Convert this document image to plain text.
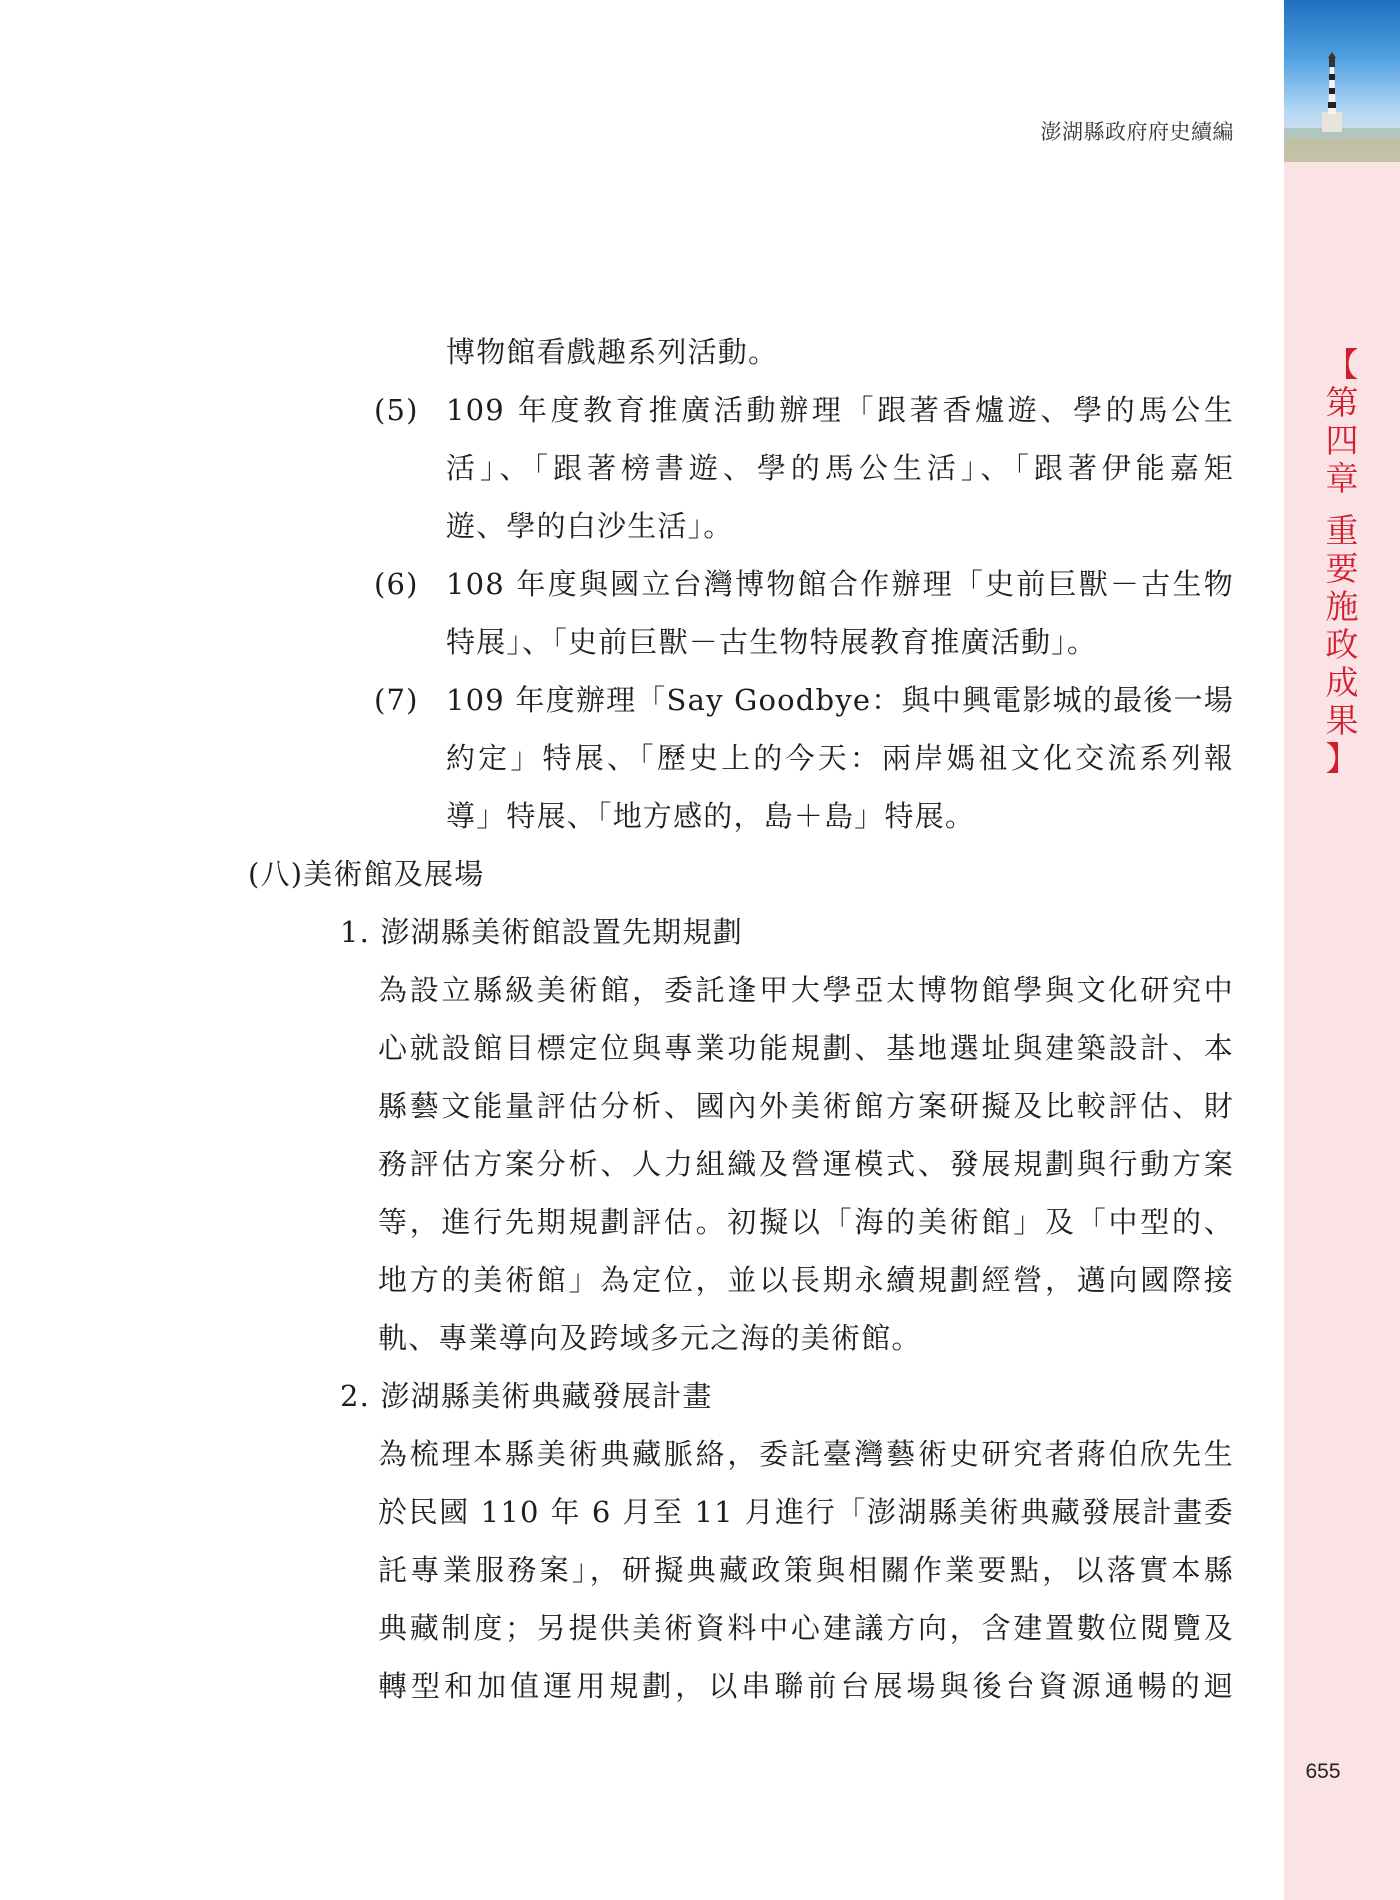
【
第
四
章
重
要
施
政
成
果
】
655
澎湖縣政府府史續編
博物館看戲趣系列活動。
(5) 109 年度教育推廣活動辦理「跟著香爐遊、學的馬公生
活」、「跟著榜書遊、學的馬公生活」、「跟著伊能嘉矩
遊、學的白沙生活」。
(6) 108 年度與國立台灣博物館合作辦理「史前巨獸－古生物
特展」、「史前巨獸－古生物特展教育推廣活動」。
(7) 109 年度辦理「Say Goodbye：與中興電影城的最後一場
約定」特展、「歷史上的今天：兩岸媽祖文化交流系列報
導」特展、「地方感的，島＋島」特展。
(八)美術館及展場
1. 澎湖縣美術館設置先期規劃
為設立縣級美術館，委託逢甲大學亞太博物館學與文化研究中
心就設館目標定位與專業功能規劃、基地選址與建築設計、本
縣藝文能量評估分析、國內外美術館方案研擬及比較評估、財
務評估方案分析、人力組織及營運模式、發展規劃與行動方案
等，進行先期規劃評估。初擬以「海的美術館」及「中型的、
地方的美術館」為定位，並以長期永續規劃經營，邁向國際接
軌、專業導向及跨域多元之海的美術館。
2. 澎湖縣美術典藏發展計畫
為梳理本縣美術典藏脈絡，委託臺灣藝術史研究者蔣伯欣先生
於民國 110 年 6 月至 11 月進行「澎湖縣美術典藏發展計畫委
託專業服務案」，研擬典藏政策與相關作業要點，以落實本縣
典藏制度；另提供美術資料中心建議方向，含建置數位閱覽及
轉型和加值運用規劃，以串聯前台展場與後台資源通暢的迴
